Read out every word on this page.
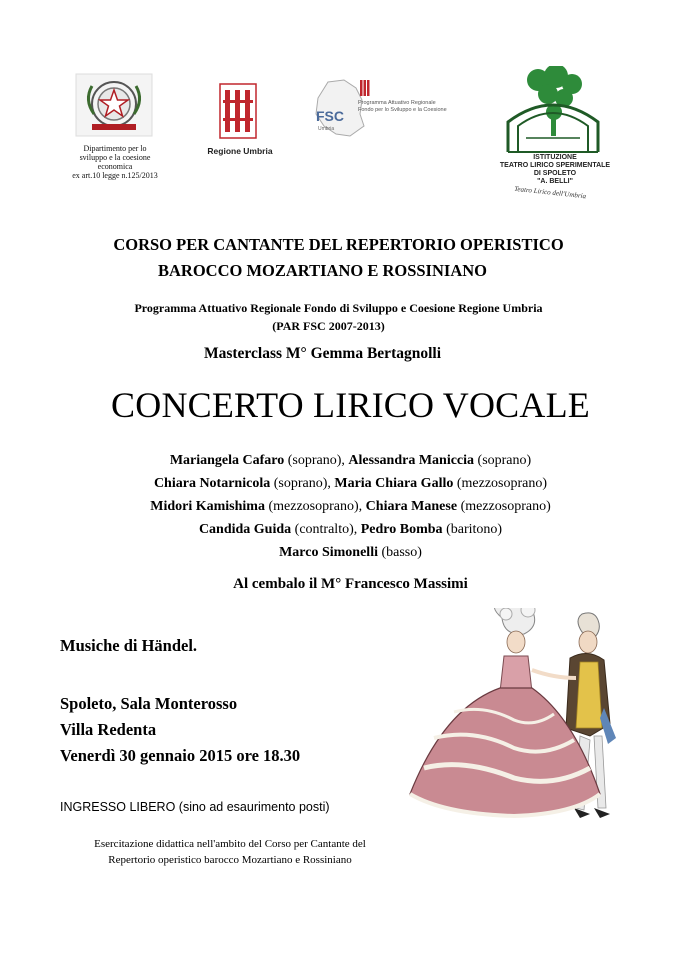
Dipartimento per lo
sviluppo e la coesione
economica
ex art.10 legge n.125/2013
Regione Umbria
FSC
Umbria
Programma Attuativo Regionale
Fondo per lo Sviluppo e la Coesione
ISTITUZIONE
TEATRO LIRICO SPERIMENTALE
DI SPOLETO
"A. BELLI"
Teatro Lirico dell'Umbria
CORSO PER CANTANTE DEL REPERTORIO OPERISTICO
BAROCCO MOZARTIANO E ROSSINIANO
Programma Attuativo Regionale Fondo di Sviluppo e Coesione Regione Umbria
(PAR FSC 2007-2013)
Masterclass M° Gemma Bertagnolli
CONCERTO LIRICO VOCALE
Mariangela Cafaro (soprano), Alessandra Maniccia (soprano)
Chiara Notarnicola (soprano), Maria Chiara Gallo (mezzosoprano)
Midori Kamishima (mezzosoprano), Chiara Manese (mezzosoprano)
Candida Guida (contralto), Pedro Bomba (baritono)
Marco Simonelli (basso)
Al cembalo il M° Francesco Massimi
Musiche di Händel.
Spoleto, Sala Monterosso
Villa Redenta
Venerdì 30 gennaio 2015 ore 18.30
INGRESSO LIBERO (sino ad esaurimento posti)
Esercitazione didattica nell'ambito del Corso per Cantante del
Repertorio operistico barocco Mozartiano e Rossiniano
